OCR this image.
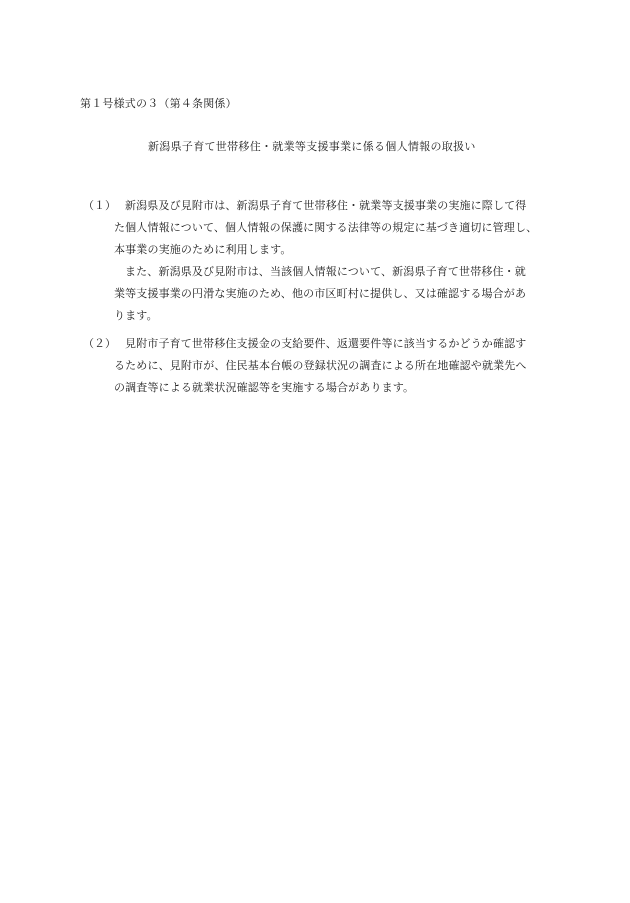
第１号様式の３（第４条関係）
新潟県子育て世帯移住・就業等支援事業に係る個人情報の取扱い
（１） 新潟県及び見附市は、新潟県子育て世帯移住・就業等支援事業の実施に際して得
た個人情報について、個人情報の保護に関する法律等の規定に基づき適切に管理し、
本事業の実施のために利用します。
また、新潟県及び見附市は、当該個人情報について、新潟県子育て世帯移住・就
業等支援事業の円滑な実施のため、他の市区町村に提供し、又は確認する場合があ
ります。
（２） 見附市子育て世帯移住支援金の支給要件、返還要件等に該当するかどうか確認す
るために、見附市が、住民基本台帳の登録状況の調査による所在地確認や就業先へ
の調査等による就業状況確認等を実施する場合があります。
